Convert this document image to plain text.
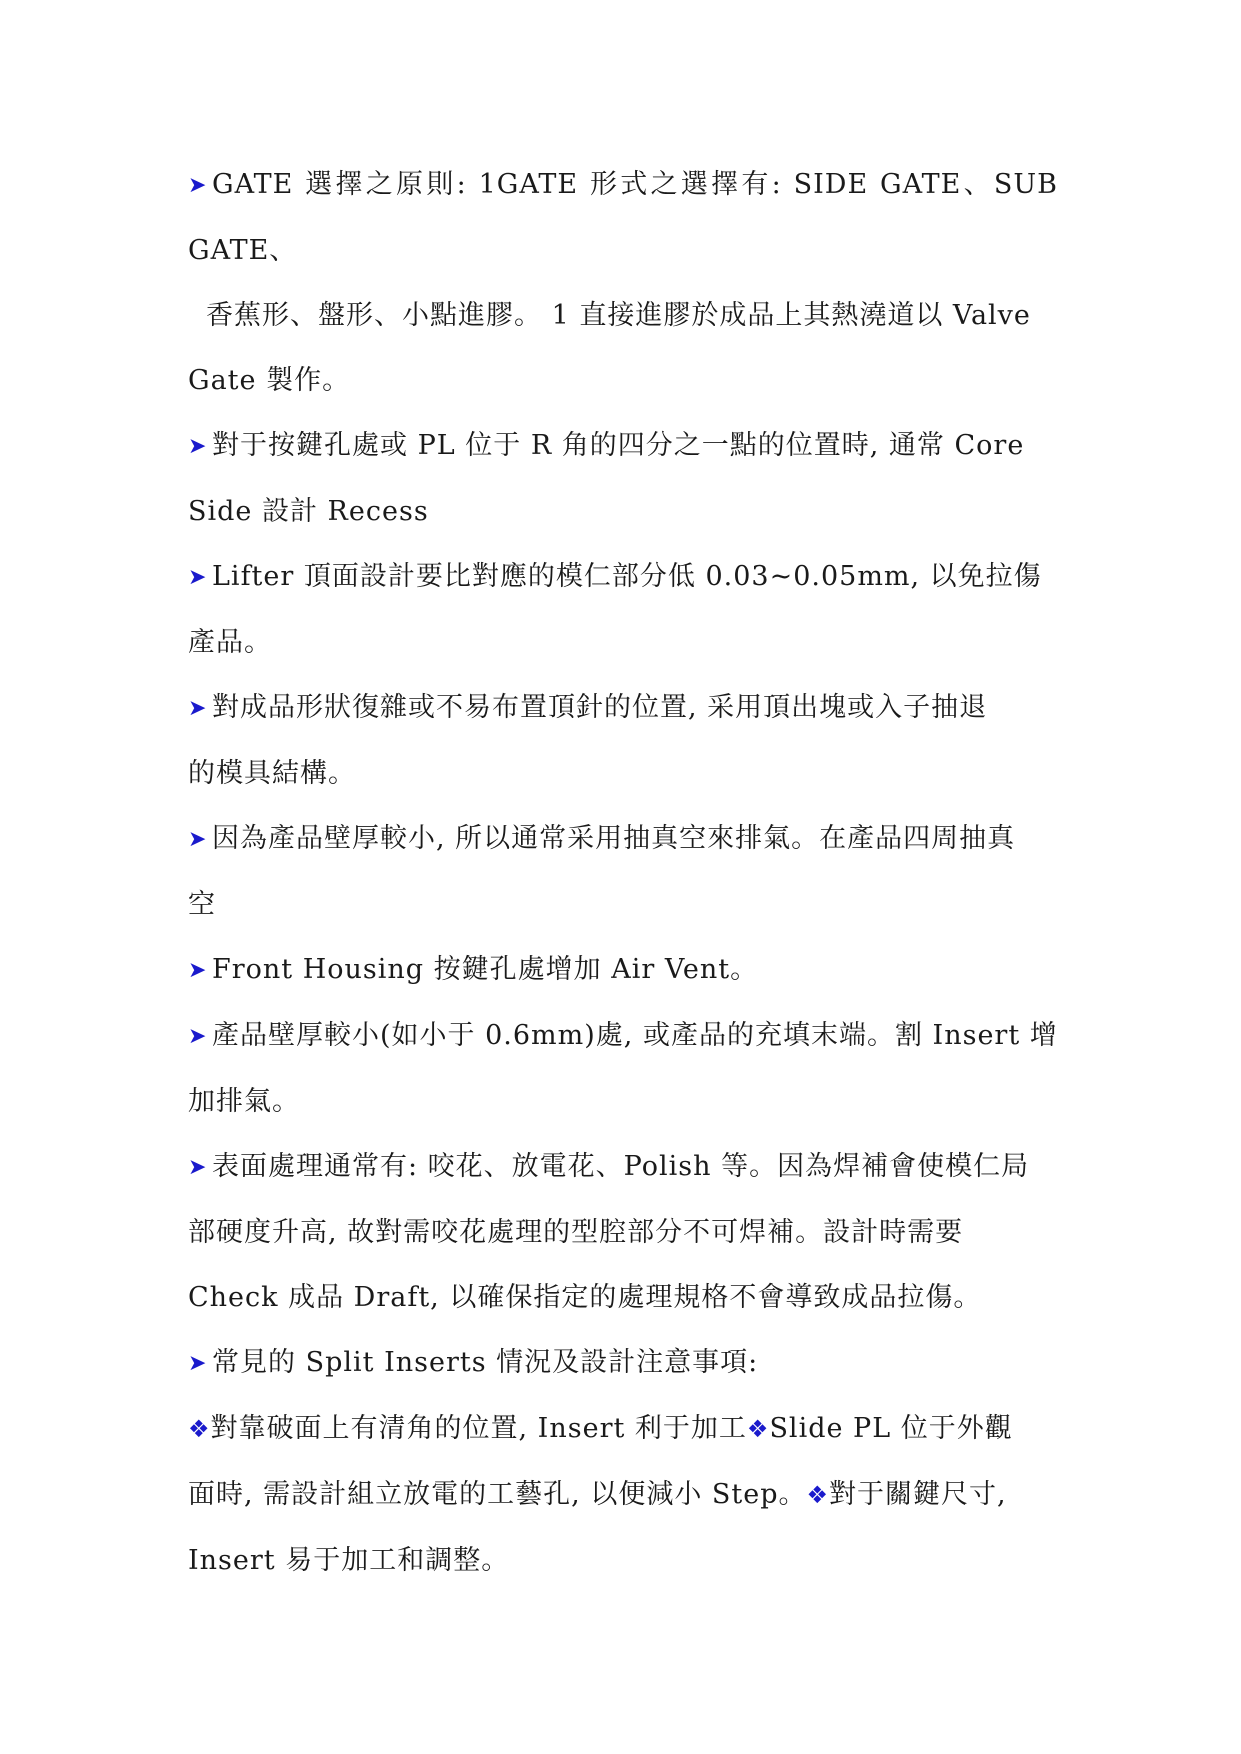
➤ GATE 選擇之原則: 1GATE 形式之選擇有: SIDE GATE、SUB GATE、
香蕉形、盤形、小點進膠。 1 直接進膠於成品上其熱澆道以 Valve
Gate 製作。
➤ 對于按鍵孔處或 PL 位于 R 角的四分之一點的位置時, 通常 Core
Side 設計 Recess
➤ Lifter 頂面設計要比對應的模仁部分低 0.03~0.05mm, 以免拉傷
產品。
➤ 對成品形狀復雜或不易布置頂針的位置, 采用頂出塊或入子抽退
的模具結構。
➤ 因為產品壁厚較小, 所以通常采用抽真空來排氣。在產品四周抽真
空
➤ Front Housing 按鍵孔處增加 Air Vent。
➤ 產品壁厚較小(如小于 0.6mm)處, 或產品的充填末端。割 Insert 增
加排氣。
➤ 表面處理通常有: 咬花、放電花、Polish 等。因為焊補會使模仁局
部硬度升高, 故對需咬花處理的型腔部分不可焊補。設計時需要
Check 成品 Draft, 以確保指定的處理規格不會導致成品拉傷。
➤ 常見的 Split Inserts 情況及設計注意事項:
❖對靠破面上有清角的位置, Insert 利于加工❖Slide PL 位于外觀
面時, 需設計組立放電的工藝孔, 以便減小 Step。❖對于關鍵尺寸,
Insert 易于加工和調整。
